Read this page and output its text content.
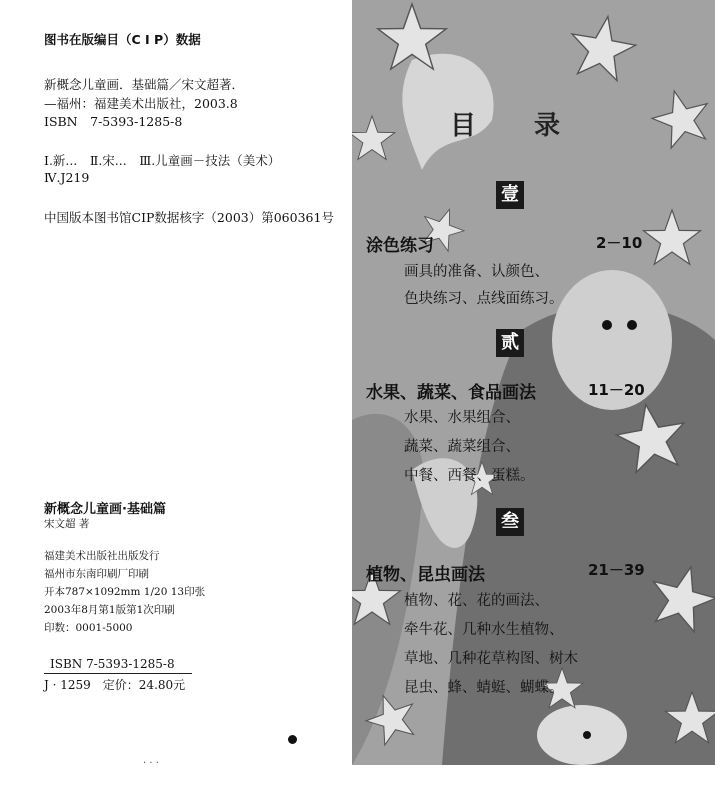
图书在版编目（C I P）数据
新概念儿童画．基础篇／宋文超著．
—福州：福建美术出版社，2003.8
ISBN　7-5393-1285-8
Ⅰ.新...　Ⅱ.宋...　Ⅲ.儿童画－技法（美术）
Ⅳ.J219
中国版本图书馆CIP数据核字（2003）第060361号
新概念儿童画·基础篇
宋文超 著
福建美术出版社出版发行
福州市东南印刷厂印刷
开本787×1092mm 1/20 13印张
2003年8月第1版第1次印刷
印数：0001-5000
ISBN 7-5393-1285-8
J · 1259　定价：24.80元
· · ·
目录
壹
涂色练习	2－10
画具的准备、认颜色、
色块练习、点线面练习。
贰
水果、蔬菜、食品画法	11－20
水果、水果组合、
蔬菜、蔬菜组合、
中餐、西餐、蛋糕。
叁
植物、昆虫画法	21－39
植物、花、花的画法、
牵牛花、几种水生植物、
草地、几种花草构图、树木
昆虫、蜂、蜻蜓、蝴蝶。
